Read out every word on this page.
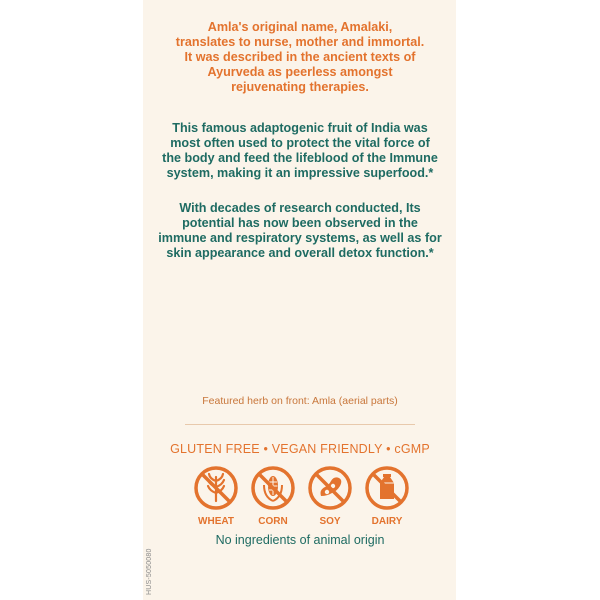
Amla's original name, Amalaki,
translates to nurse, mother and immortal.
It was described in the ancient texts of
Ayurveda as peerless amongst
rejuvenating therapies.
This famous adaptogenic fruit of India was
most often used to protect the vital force of
the body and feed the lifeblood of the Immune
system, making it an impressive superfood.*
With decades of research conducted, Its
potential has now been observed in the
immune and respiratory systems, as well as for
skin appearance and overall detox function.*
Featured herb on front: Amla (aerial parts)
GLUTEN FREE • VEGAN FRIENDLY • cGMP
WHEAT	CORN	SOY	DAIRY
No ingredients of animal origin
HUS-5050080
